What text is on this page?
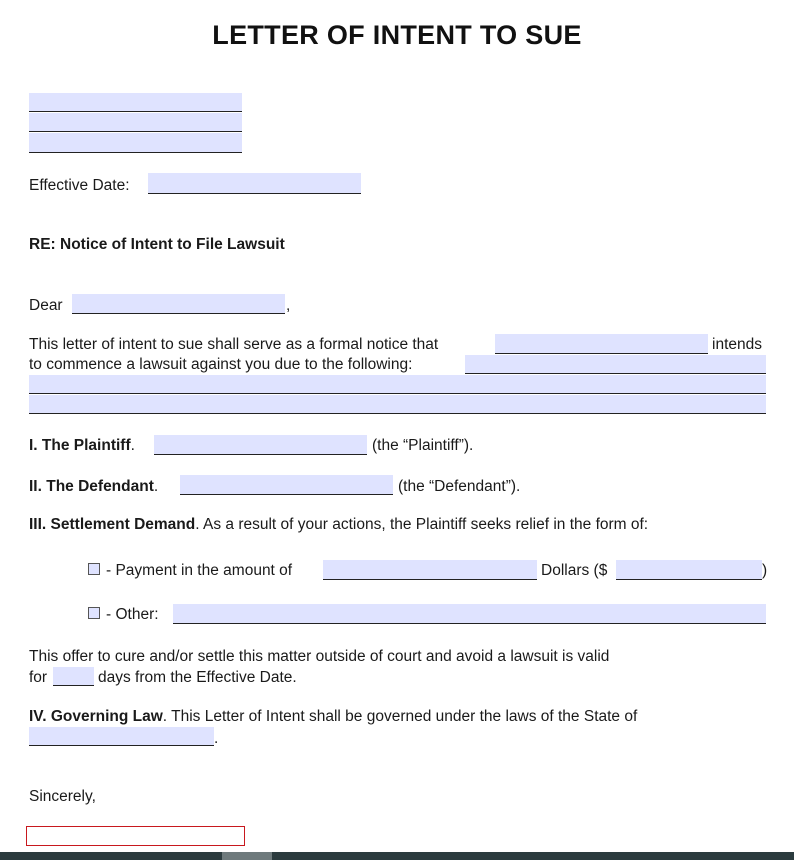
LETTER OF INTENT TO SUE
Effective Date:
RE: Notice of Intent to File Lawsuit
Dear	,
This letter of intent to sue shall serve as a formal notice that	intends
to commence a lawsuit against you due to the following:
I. The Plaintiff.	(the “Plaintiff”).
II. The Defendant.	(the “Defendant”).
III. Settlement Demand. As a result of your actions, the Plaintiff seeks relief in the form of:
- Payment in the amount of	Dollars ($	)
- Other:
This offer to cure and/or settle this matter outside of court and avoid a lawsuit is valid
for	days from the Effective Date.
IV. Governing Law. This Letter of Intent shall be governed under the laws of the State of
.
Sincerely,
